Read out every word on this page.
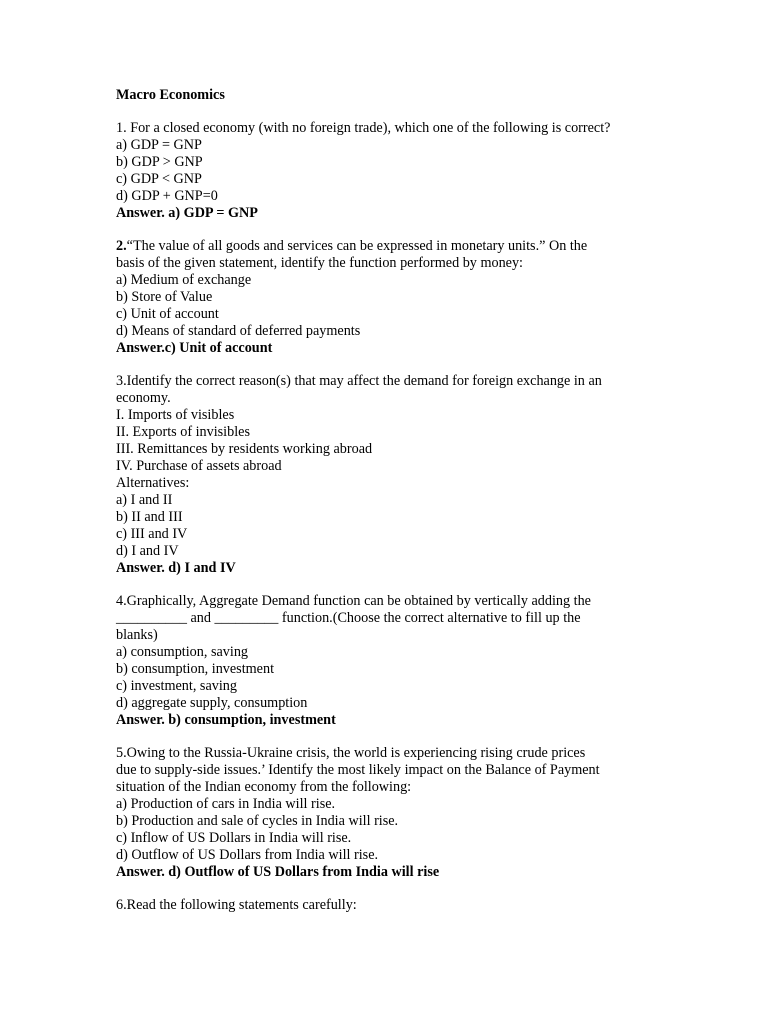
Macro Economics
1. For a closed economy (with no foreign trade), which one of the following is correct?
a) GDP = GNP
b) GDP > GNP
c) GDP < GNP
d) GDP + GNP=0
Answer. a) GDP = GNP
2.“The value of all goods and services can be expressed in monetary units.” On the
basis of the given statement, identify the function performed by money:
a) Medium of exchange
b) Store of Value
c) Unit of account
d) Means of standard of deferred payments
Answer.c) Unit of account
3.Identify the correct reason(s) that may affect the demand for foreign exchange in an
economy.
I. Imports of visibles
II. Exports of invisibles
III. Remittances by residents working abroad
IV. Purchase of assets abroad
Alternatives:
a) I and II
b) II and III
c) III and IV
d) I and IV
Answer. d) I and IV
4.Graphically, Aggregate Demand function can be obtained by vertically adding the
__________ and _________ function.(Choose the correct alternative to fill up the
blanks)
a) consumption, saving
b) consumption, investment
c) investment, saving
d) aggregate supply, consumption
Answer. b) consumption, investment
5.Owing to the Russia-Ukraine crisis, the world is experiencing rising crude prices
due to supply-side issues.’ Identify the most likely impact on the Balance of Payment
situation of the Indian economy from the following:
a) Production of cars in India will rise.
b) Production and sale of cycles in India will rise.
c) Inflow of US Dollars in India will rise.
d) Outflow of US Dollars from India will rise.
Answer. d) Outflow of US Dollars from India will rise
6.Read the following statements carefully:
